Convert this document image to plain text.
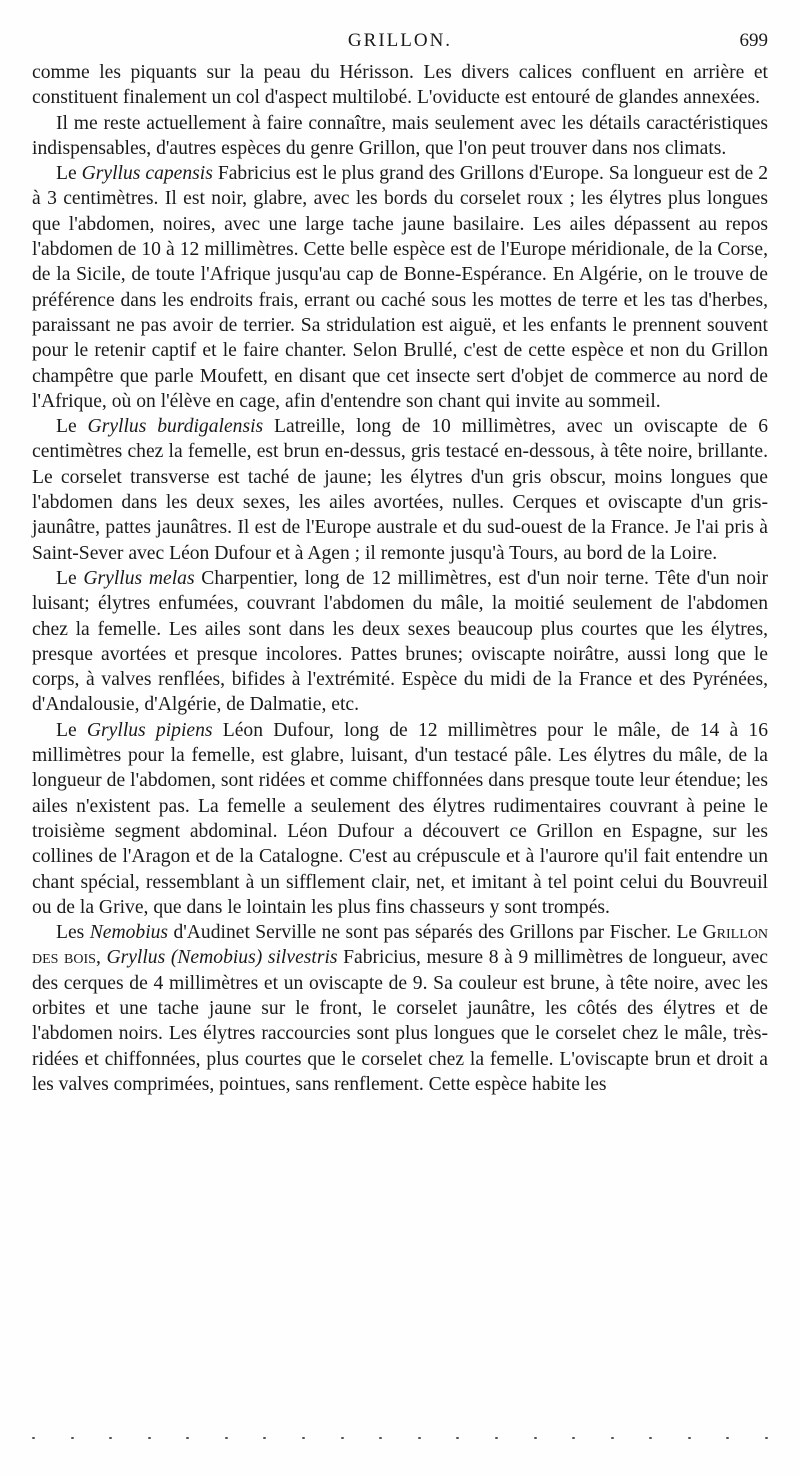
GRILLON.	699

comme les piquants sur la peau du Hérisson. Les divers calices confluent en arrière et constituent finalement un col d'aspect multilobé. L'oviducte est entouré de glandes annexées.

Il me reste actuellement à faire connaître, mais seulement avec les détails caractéristiques indispensables, d'autres espèces du genre Grillon, que l'on peut trouver dans nos climats.

Le Gryllus capensis Fabricius est le plus grand des Grillons d'Europe. Sa longueur est de 2 à 3 centimètres. Il est noir, glabre, avec les bords du corselet roux ; les élytres plus longues que l'abdomen, noires, avec une large tache jaune basilaire. Les ailes dépassent au repos l'abdomen de 10 à 12 millimètres. Cette belle espèce est de l'Europe méridionale, de la Corse, de la Sicile, de toute l'Afrique jusqu'au cap de Bonne-Espérance. En Algérie, on le trouve de préférence dans les endroits frais, errant ou caché sous les mottes de terre et les tas d'herbes, paraissant ne pas avoir de terrier. Sa stridulation est aiguë, et les enfants le prennent souvent pour le retenir captif et le faire chanter. Selon Brullé, c'est de cette espèce et non du Grillon champêtre que parle Moufett, en disant que cet insecte sert d'objet de commerce au nord de l'Afrique, où on l'élève en cage, afin d'entendre son chant qui invite au sommeil.

Le Gryllus burdigalensis Latreille, long de 10 millimètres, avec un oviscapte de 6 centimètres chez la femelle, est brun en-dessus, gris testacé en-dessous, à tête noire, brillante. Le corselet transverse est taché de jaune; les élytres d'un gris obscur, moins longues que l'abdomen dans les deux sexes, les ailes avortées, nulles. Cerques et oviscapte d'un gris-jaunâtre, pattes jaunâtres. Il est de l'Europe australe et du sud-ouest de la France. Je l'ai pris à Saint-Sever avec Léon Dufour et à Agen ; il remonte jusqu'à Tours, au bord de la Loire.

Le Gryllus melas Charpentier, long de 12 millimètres, est d'un noir terne. Tête d'un noir luisant; élytres enfumées, couvrant l'abdomen du mâle, la moitié seulement de l'abdomen chez la femelle. Les ailes sont dans les deux sexes beaucoup plus courtes que les élytres, presque avortées et presque incolores. Pattes brunes; oviscapte noirâtre, aussi long que le corps, à valves renflées, bifides à l'extrémité. Espèce du midi de la France et des Pyrénées, d'Andalousie, d'Algérie, de Dalmatie, etc.

Le Gryllus pipiens Léon Dufour, long de 12 millimètres pour le mâle, de 14 à 16 millimètres pour la femelle, est glabre, luisant, d'un testacé pâle. Les élytres du mâle, de la longueur de l'abdomen, sont ridées et comme chiffonnées dans presque toute leur étendue; les ailes n'existent pas. La femelle a seulement des élytres rudimentaires couvrant à peine le troisième segment abdominal. Léon Dufour a découvert ce Grillon en Espagne, sur les collines de l'Aragon et de la Catalogne. C'est au crépuscule et à l'aurore qu'il fait entendre un chant spécial, ressemblant à un sifflement clair, net, et imitant à tel point celui du Bouvreuil ou de la Grive, que dans le lointain les plus fins chasseurs y sont trompés.

Les Nemobius d'Audinet Serville ne sont pas séparés des Grillons par Fischer. Le Grillon des bois, Gryllus (Nemobius) silvestris Fabricius, mesure 8 à 9 millimètres de longueur, avec des cerques de 4 millimètres et un oviscapte de 9. Sa couleur est brune, à tête noire, avec les orbites et une tache jaune sur le front, le corselet jaunâtre, les côtés des élytres et de l'abdomen noirs. Les élytres raccourcies sont plus longues que le corselet chez le mâle, très-ridées et chiffonnées, plus courtes que le corselet chez la femelle. L'oviscapte brun et droit a les valves comprimées, pointues, sans renflement. Cette espèce habite les
